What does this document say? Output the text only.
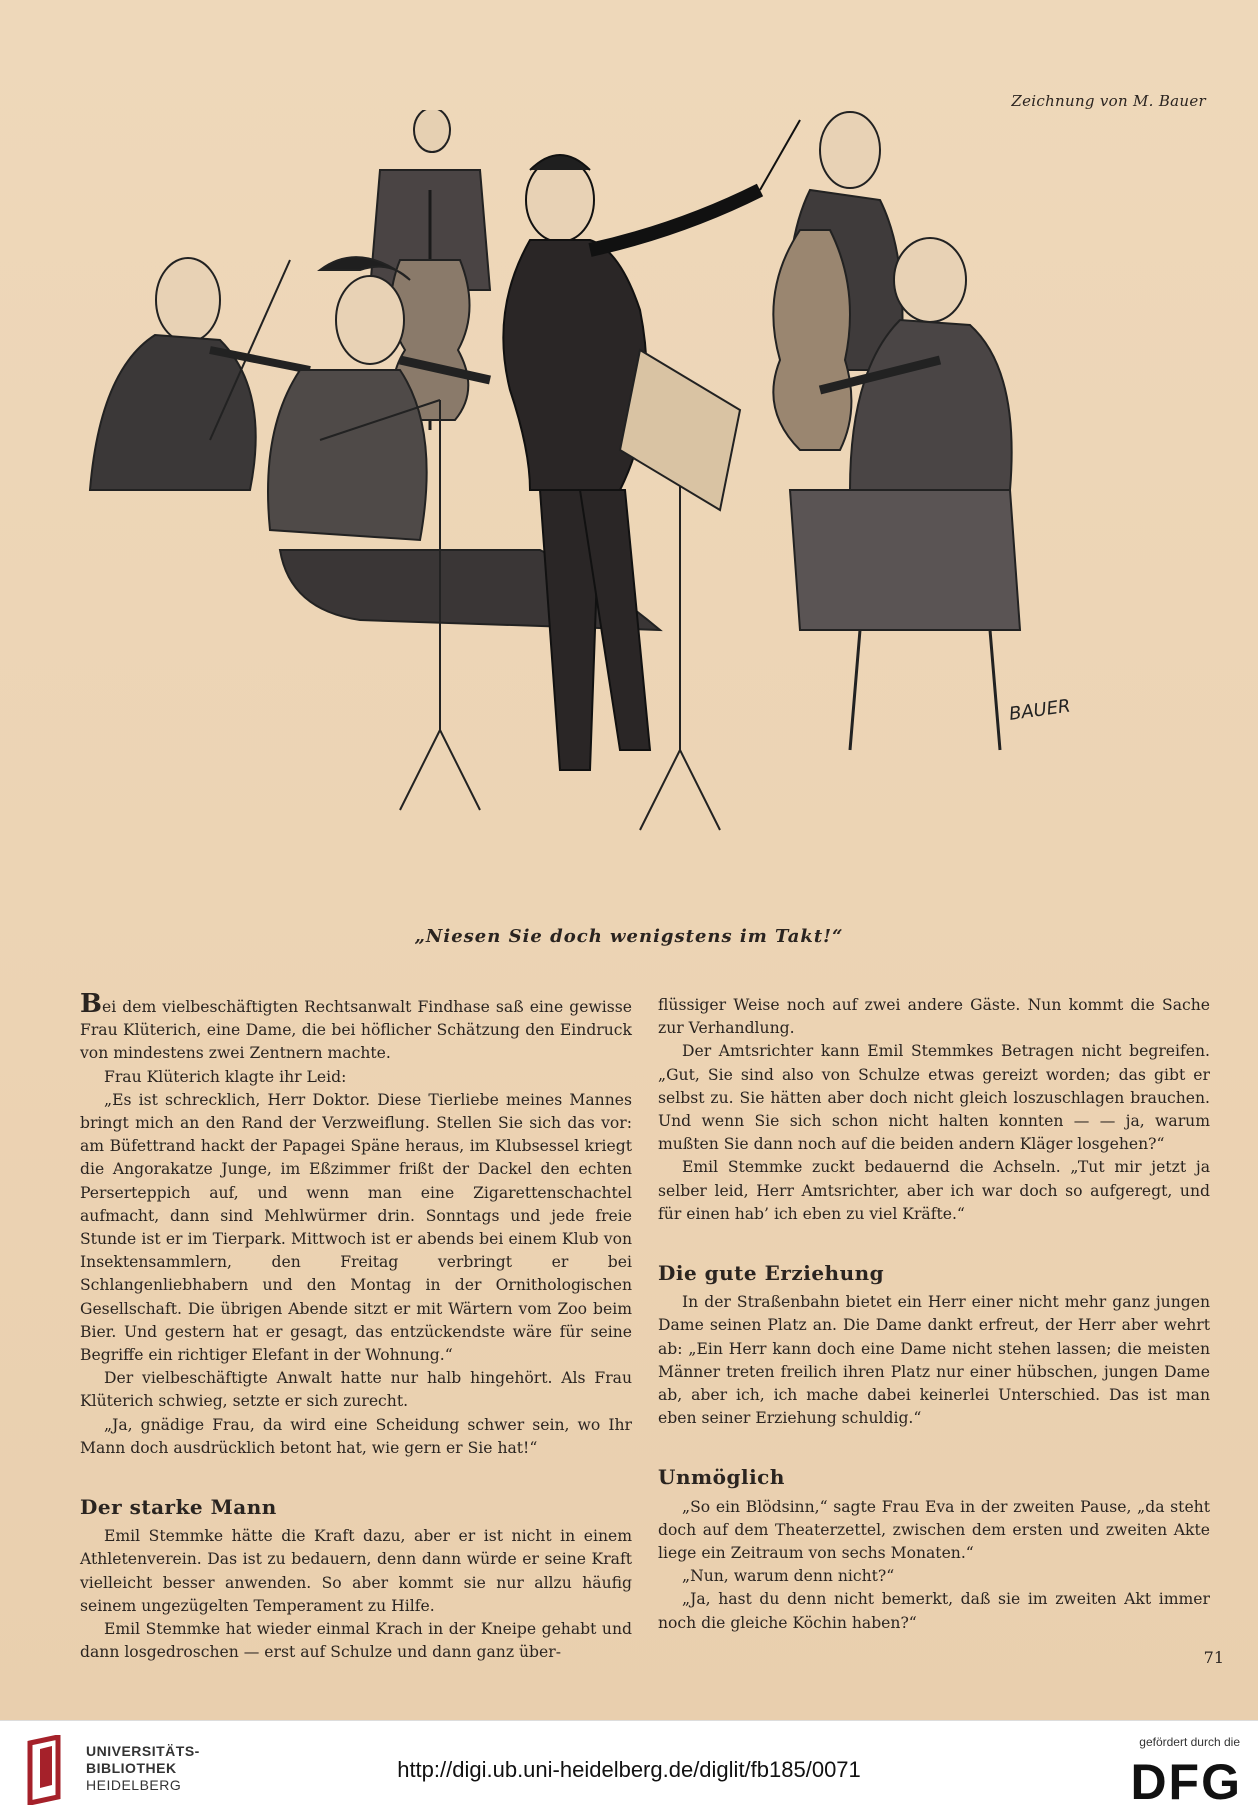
Zeichnung von M. Bauer
BAUER
„Niesen Sie doch wenigstens im Takt!“

Bei dem vielbeschäftigten Rechtsanwalt Findhase saß eine gewisse Frau Klüterich, eine Dame, die bei höflicher Schätzung den Eindruck von mindestens zwei Zentnern machte.

Frau Klüterich klagte ihr Leid:

„Es ist schrecklich, Herr Doktor. Diese Tierliebe meines Mannes bringt mich an den Rand der Verzweiflung. Stellen Sie sich das vor: am Büfettrand hackt der Papagei Späne heraus, im Klubsessel kriegt die Angorakatze Junge, im Eßzimmer frißt der Dackel den echten Perserteppich auf, und wenn man eine Zigarettenschachtel aufmacht, dann sind Mehlwürmer drin. Sonntags und jede freie Stunde ist er im Tierpark. Mittwoch ist er abends bei einem Klub von Insektensammlern, den Freitag verbringt er bei Schlangenliebhabern und den Montag in der Ornithologischen Gesellschaft. Die übrigen Abende sitzt er mit Wärtern vom Zoo beim Bier. Und gestern hat er gesagt, das entzückendste wäre für seine Begriffe ein richtiger Elefant in der Wohnung.“

Der vielbeschäftigte Anwalt hatte nur halb hingehört. Als Frau Klüterich schwieg, setzte er sich zurecht.

„Ja, gnädige Frau, da wird eine Scheidung schwer sein, wo Ihr Mann doch ausdrücklich betont hat, wie gern er Sie hat!“

Der starke Mann

Emil Stemmke hätte die Kraft dazu, aber er ist nicht in einem Athletenverein. Das ist zu bedauern, denn dann würde er seine Kraft vielleicht besser anwenden. So aber kommt sie nur allzu häufig seinem ungezügelten Temperament zu Hilfe.

Emil Stemmke hat wieder einmal Krach in der Kneipe gehabt und dann losgedroschen — erst auf Schulze und dann ganz über-

flüssiger Weise noch auf zwei andere Gäste. Nun kommt die Sache zur Verhandlung.

Der Amtsrichter kann Emil Stemmkes Betragen nicht begreifen. „Gut, Sie sind also von Schulze etwas gereizt worden; das gibt er selbst zu. Sie hätten aber doch nicht gleich loszuschlagen brauchen. Und wenn Sie sich schon nicht halten konnten — — ja, warum mußten Sie dann noch auf die beiden andern Kläger losgehen?“

Emil Stemmke zuckt bedauernd die Achseln. „Tut mir jetzt ja selber leid, Herr Amtsrichter, aber ich war doch so aufgeregt, und für einen hab’ ich eben zu viel Kräfte.“

Die gute Erziehung

In der Straßenbahn bietet ein Herr einer nicht mehr ganz jungen Dame seinen Platz an. Die Dame dankt erfreut, der Herr aber wehrt ab: „Ein Herr kann doch eine Dame nicht stehen lassen; die meisten Männer treten freilich ihren Platz nur einer hübschen, jungen Dame ab, aber ich, ich mache dabei keinerlei Unterschied. Das ist man eben seiner Erziehung schuldig.“

Unmöglich

„So ein Blödsinn,“ sagte Frau Eva in der zweiten Pause, „da steht doch auf dem Theaterzettel, zwischen dem ersten und zweiten Akte liege ein Zeitraum von sechs Monaten.“

„Nun, warum denn nicht?“

„Ja, hast du denn nicht bemerkt, daß sie im zweiten Akt immer noch die gleiche Köchin haben?“

71
UNIVERSITÄTS-
BIBLIOTHEK
HEIDELBERG
http://digi.ub.uni-heidelberg.de/diglit/fb185/0071
gefördert durch die
DFG
